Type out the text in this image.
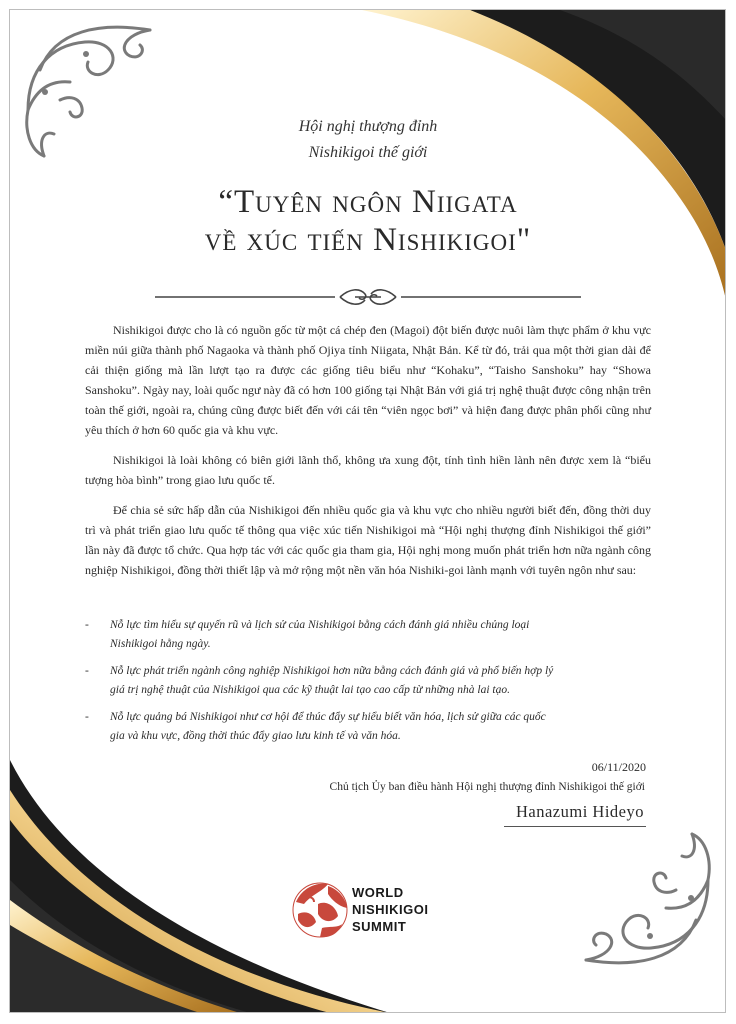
Hội nghị thượng đỉnh
Nishikigoi thế giới
“Tuyên ngôn Niigata
về xúc tiến Nishikigoi"

Nishikigoi được cho là có nguồn gốc từ một cá chép đen (Magoi) đột biến được nuôi làm thực phẩm ở khu vực miền núi giữa thành phố Nagaoka và thành phố Ojiya tỉnh Niigata, Nhật Bản. Kể từ đó, trải qua một thời gian dài để cải thiện giống mà lần lượt tạo ra được các giống tiêu biểu như “Kohaku”, “Taisho Sanshoku” hay “Showa Sanshoku”. Ngày nay, loài quốc ngư này đã có hơn 100 giống tại Nhật Bản với giá trị nghệ thuật được công nhận trên toàn thế giới, ngoài ra, chúng cũng được biết đến với cái tên “viên ngọc bơi” và hiện đang được phân phối cũng như yêu thích ở hơn 60 quốc gia và khu vực.

Nishikigoi là loài không có biên giới lãnh thổ, không ưa xung đột, tính tình hiền lành nên được xem là “biểu tượng hòa bình” trong giao lưu quốc tế.

Để chia sẻ sức hấp dẫn của Nishikigoi đến nhiều quốc gia và khu vực cho nhiều người biết đến, đồng thời duy trì và phát triển giao lưu quốc tế thông qua việc xúc tiến Nishikigoi mà “Hội nghị thượng đỉnh Nishikigoi thế giới” lần này đã được tổ chức. Qua hợp tác với các quốc gia tham gia, Hội nghị mong muốn phát triển hơn nữa ngành công nghiệp Nishikigoi, đồng thời thiết lập và mở rộng một nền văn hóa Nishiki-goi lành mạnh với tuyên ngôn như sau:

- Nỗ lực tìm hiểu sự quyến rũ và lịch sử của Nishikigoi bằng cách đánh giá nhiều chủng loại Nishikigoi hằng ngày.
- Nỗ lực phát triển ngành công nghiệp Nishikigoi hơn nữa bằng cách đánh giá và phổ biến hợp lý giá trị nghệ thuật của Nishikigoi qua các kỹ thuật lai tạo cao cấp từ những nhà lai tạo.
- Nỗ lực quảng bá Nishikigoi như cơ hội để thúc đẩy sự hiểu biết văn hóa, lịch sử giữa các quốc gia và khu vực, đồng thời thúc đẩy giao lưu kinh tế và văn hóa.
06/11/2020
Chủ tịch Ủy ban điều hành Hội nghị thượng đỉnh Nishikigoi thế giới
Hanazumi Hideyo
WORLD
NISHIKIGOI
SUMMIT
